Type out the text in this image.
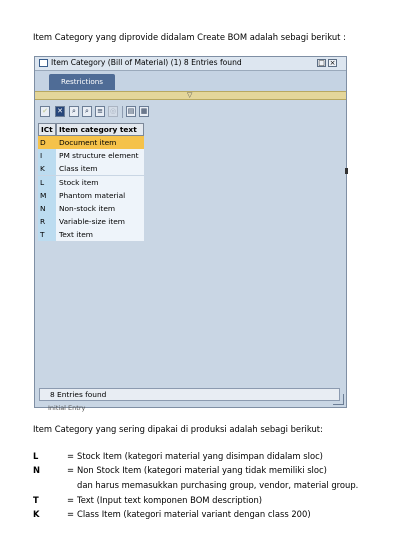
Item Category yang diprovide didalam Create BOM adalah sebagi berikut :
Item Category (Bill of Material) (1) 8 Entries found	□ ×
Restrictions
▽
✔ ✕	⌕	⌕	≡ ◎ ▤ ▦
ICt Item category text
D	Document item
I	PM structure element
K	Class item
L	Stock item
M	Phantom material
N	Non-stock item
R	Variable-size item
T	Text item
8 Entries found
Initial Entry
Item Category yang sering dipakai di produksi adalah sebagi berikut:
L	= Stock Item (kategori material yang disimpan didalam sloc)
N	= Non Stock Item (kategori material yang tidak memiliki sloc)
dan harus memasukkan purchasing group, vendor, material group.
T	= Text (Input text komponen BOM description)
K	= Class Item (kategori material variant dengan class 200)
